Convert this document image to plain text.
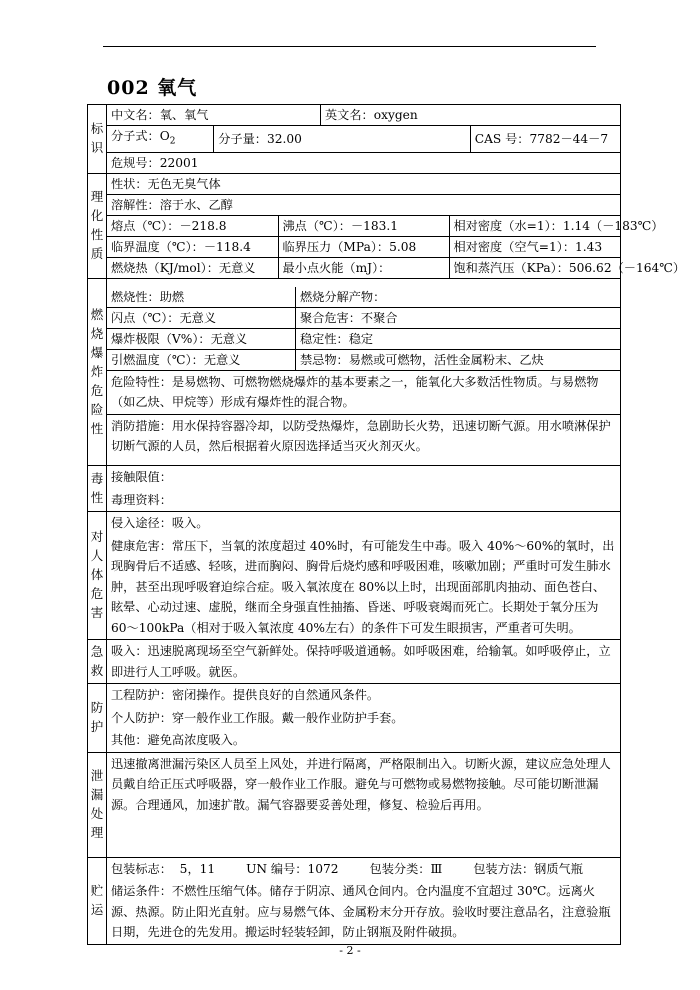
002 氧气
标识	
中文名：氧、氧气	英文名：oxygen
分子式：$O_2$	分子量：32.00	CAS 号：7782－44－7
危规号：22001

理化性质	
性状：无色无臭气体
溶解性：溶于水、乙醇
熔点（℃）：－218.8	沸点（℃）：－183.1	相对密度（水=1）：1.14（－183℃）
临界温度（℃）：－118.4	临界压力（MPa）：5.08	相对密度（空气=1）：1.43
燃烧热（KJ/mol）：无意义	最小点火能（mJ）：	饱和蒸汽压（KPa）：506.62（－164℃）

燃烧爆炸危险性	
燃烧性：助燃	燃烧分解产物：
闪点（℃）：无意义	聚合危害：不聚合
爆炸极限（V%）：无意义	稳定性：稳定
引燃温度（℃）：无意义	禁忌物：易燃或可燃物，活性金属粉末、乙炔
危险特性：是易燃物、可燃物燃烧爆炸的基本要素之一，能氧化大多数活性物质。与易燃物（如乙炔、甲烷等）形成有爆炸性的混合物。
消防措施：用水保持容器冷却，以防受热爆炸，急剧助长火势，迅速切断气源。用水喷淋保护切断气源的人员，然后根据着火原因选择适当灭火剂灭火。

毒性	
接触限值：
毒理资料：

对人体危害	
侵入途径：吸入。
健康危害：常压下，当氧的浓度超过 40%时，有可能发生中毒。吸入 40%～60%的氧时，出现胸骨后不适感、轻咳，进而胸闷、胸骨后烧灼感和呼吸困难，咳嗽加剧；严重时可发生肺水肿，甚至出现呼吸窘迫综合症。吸入氧浓度在 80%以上时，出现面部肌肉抽动、面色苍白、眩晕、心动过速、虚脱，继而全身强直性抽搐、昏迷、呼吸衰竭而死亡。长期处于氧分压为 60～100kPa（相对于吸入氧浓度 40%左右）的条件下可发生眼损害，严重者可失明。

急救	
吸入：迅速脱离现场至空气新鲜处。保持呼吸道通畅。如呼吸困难，给输氧。如呼吸停止，立即进行人工呼吸。就医。

防护	
工程防护：密闭操作。提供良好的自然通风条件。
个人防护：穿一般作业工作服。戴一般作业防护手套。
其他：避免高浓度吸入。

泄漏处理	
迅速撤离泄漏污染区人员至上风处，并进行隔离，严格限制出入。切断火源，建议应急处理人员戴自给正压式呼吸器，穿一般作业工作服。避免与可燃物或易燃物接触。尽可能切断泄漏源。合理通风，加速扩散。漏气容器要妥善处理，修复、检验后再用。

贮运	
包装标志：  5，11        UN 编号：1072        包装分类：Ⅲ        包装方法：钢质气瓶
储运条件：不燃性压缩气体。储存于阴凉、通风仓间内。仓内温度不宜超过 30℃。远离火源、热源。防止阳光直射。应与易燃气体、金属粉末分开存放。验收时要注意品名，注意验瓶日期，先进仓的先发用。搬运时轻装轻卸，防止钢瓶及附件破损。
- 2 -
